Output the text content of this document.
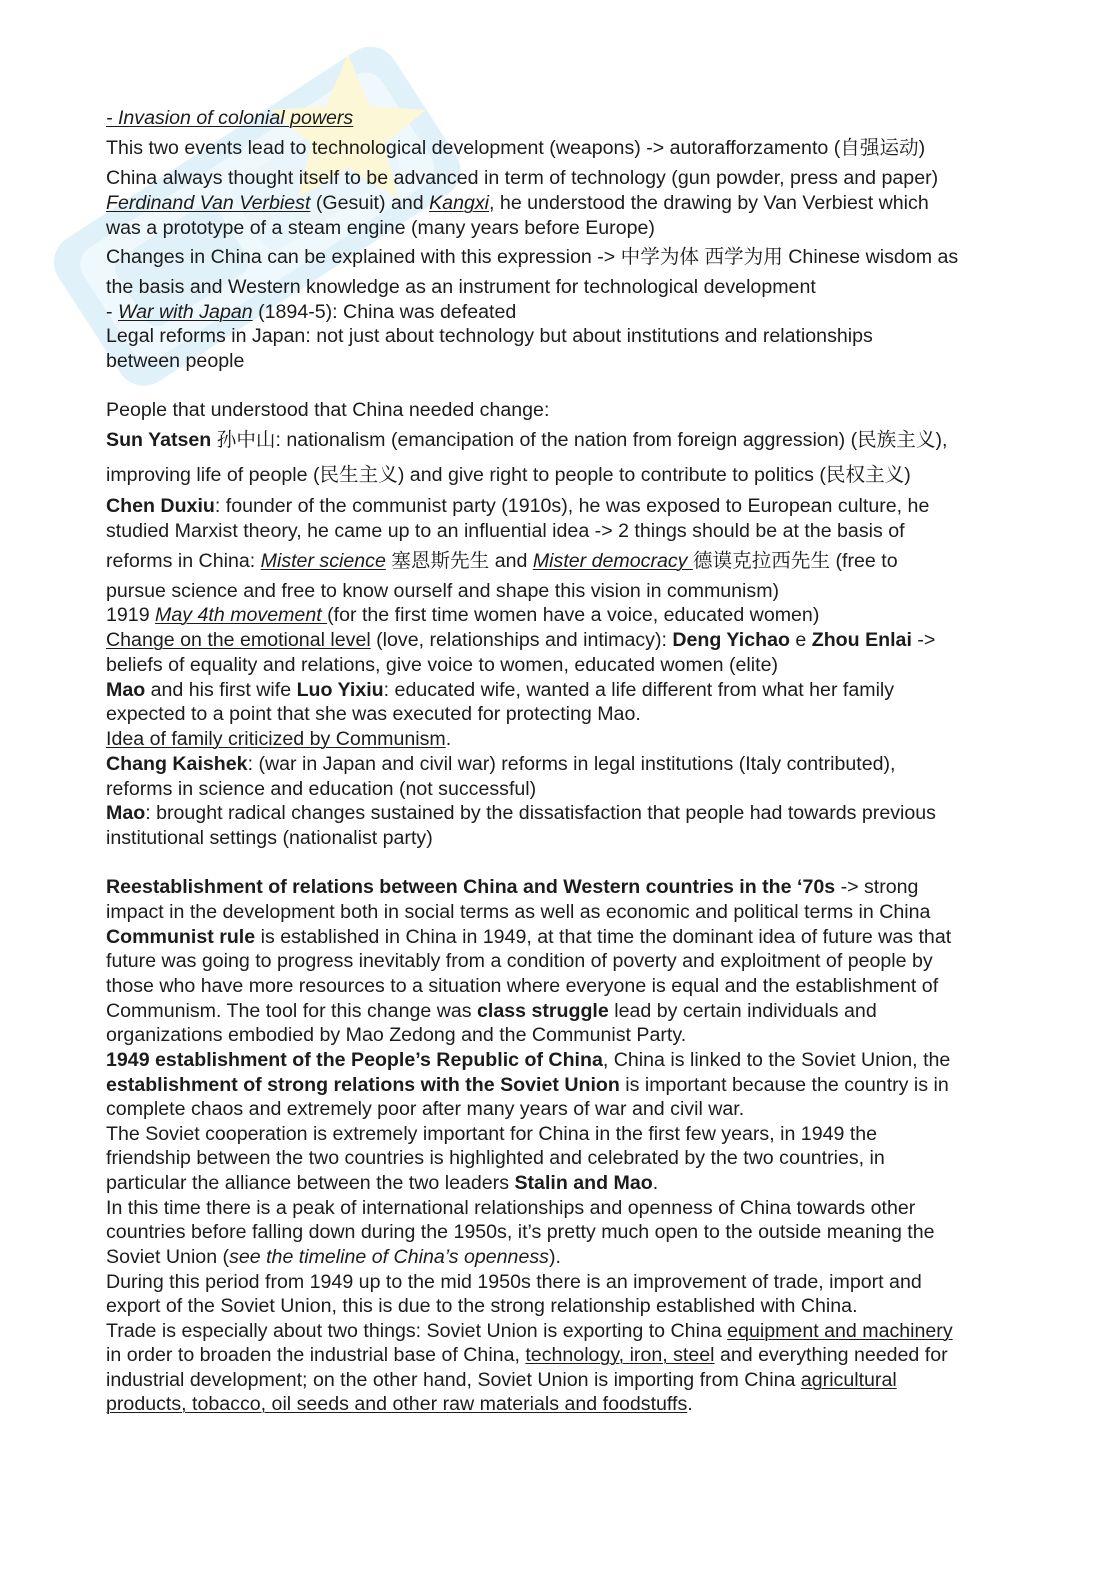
- Invasion of colonial powers
This two events lead to technological development (weapons) -> autorafforzamento (自强运动)
China always thought itself to be advanced in term of technology (gun powder, press and paper)
Ferdinand Van Verbiest (Gesuit) and Kangxi, he understood the drawing by Van Verbiest which
was a prototype of a steam engine (many years before Europe)
Changes in China can be explained with this expression -> 中学为体 西学为用 Chinese wisdom as
the basis and Western knowledge as an instrument for technological development
- War with Japan (1894-5): China was defeated
Legal reforms in Japan: not just about technology but about institutions and relationships
between people
People that understood that China needed change:
Sun Yatsen 孙中山: nationalism (emancipation of the nation from foreign aggression) (民族主义),
improving life of people (民生主义) and give right to people to contribute to politics (民权主义)
Chen Duxiu: founder of the communist party (1910s), he was exposed to European culture, he
studied Marxist theory, he came up to an influential idea -> 2 things should be at the basis of
reforms in China: Mister science 塞恩斯先生 and Mister democracy 德谟克拉西先生 (free to
pursue science and free to know ourself and shape this vision in communism)
1919 May 4th movement (for the first time women have a voice, educated women)
Change on the emotional level (love, relationships and intimacy): Deng Yichao e Zhou Enlai ->
beliefs of equality and relations, give voice to women, educated women (elite)
Mao and his first wife Luo Yixiu: educated wife, wanted a life different from what her family
expected to a point that she was executed for protecting Mao.
Idea of family criticized by Communism.
Chang Kaishek: (war in Japan and civil war) reforms in legal institutions (Italy contributed),
reforms in science and education (not successful)
Mao: brought radical changes sustained by the dissatisfaction that people had towards previous
institutional settings (nationalist party)
Reestablishment of relations between China and Western countries in the ‘70s -> strong
impact in the development both in social terms as well as economic and political terms in China
Communist rule is established in China in 1949, at that time the dominant idea of future was that
future was going to progress inevitably from a condition of poverty and exploitment of people by
those who have more resources to a situation where everyone is equal and the establishment of
Communism. The tool for this change was class struggle lead by certain individuals and
organizations embodied by Mao Zedong and the Communist Party.
1949 establishment of the People’s Republic of China, China is linked to the Soviet Union, the
establishment of strong relations with the Soviet Union is important because the country is in
complete chaos and extremely poor after many years of war and civil war.
The Soviet cooperation is extremely important for China in the first few years, in 1949 the
friendship between the two countries is highlighted and celebrated by the two countries, in
particular the alliance between the two leaders Stalin and Mao.
In this time there is a peak of international relationships and openness of China towards other
countries before falling down during the 1950s, it’s pretty much open to the outside meaning the
Soviet Union (see the timeline of China’s openness).
During this period from 1949 up to the mid 1950s there is an improvement of trade, import and
export of the Soviet Union, this is due to the strong relationship established with China.
Trade is especially about two things: Soviet Union is exporting to China equipment and machinery
in order to broaden the industrial base of China, technology, iron, steel and everything needed for
industrial development; on the other hand, Soviet Union is importing from China agricultural
products, tobacco, oil seeds and other raw materials and foodstuffs.
